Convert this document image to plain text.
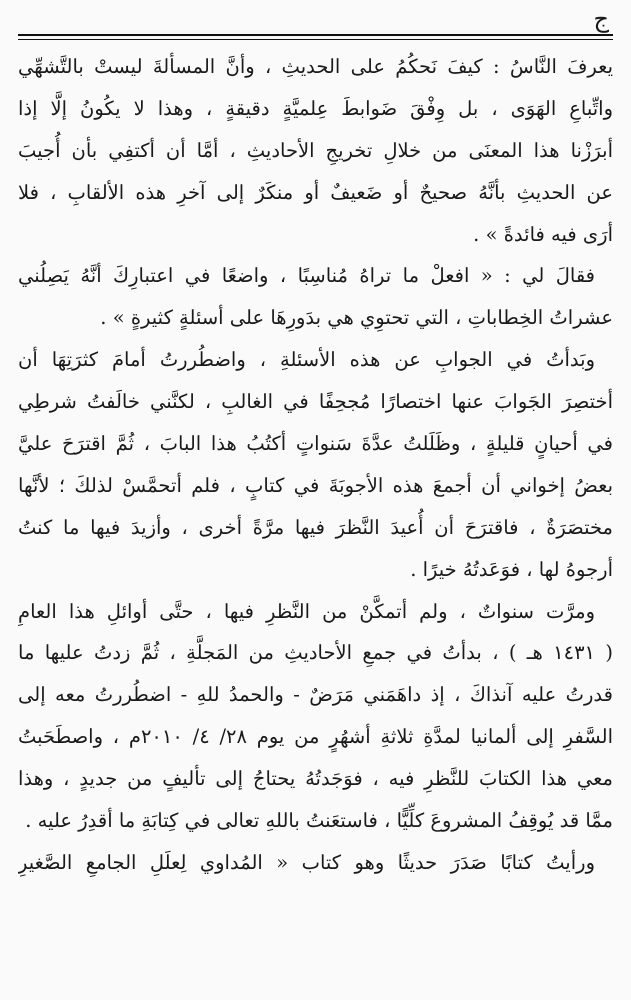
ج
يعرفَ النَّاسُ : كيفَ نَحكُمُ على الحديثِ ، وأنَّ المسألةَ ليستْ بالتَّشهِّي
واتِّباعِ الهَوَى ، بل وِفْقَ ضَوابطَ عِلميَّةٍ دقيقةٍ ، وهذا لا يكُونُ إلَّا إذا
أبرَزْنا هذا المعنَى من خلالِ تخريجِ الأحاديثِ ، أمَّا أن أكتفِي بأن أُجيبَ
عن الحديثِ بأنَّهُ صحيحٌ أو ضَعيفٌ أو منكَرٌ إلى آخرِ هذه الألقابِ ، فلا
أرَى فيه فائدةً » .
فقالَ لي : « افعلْ ما تراهُ مُناسِبًا ، واضعًا في اعتبارِكَ أنَّهُ يَصِلُني
عشراتُ الخِطاباتِ ، التي تحتوِي هي بدَورِهَا على أسئلةٍ كثيرةٍ » .
وبَدأتُ في الجوابِ عن هذه الأسئلةِ ، واضطُررتُ أمامَ كثرَتِهَا أن
أختصِرَ الجَوابَ عنها اختصارًا مُجحِفًا في الغالبِ ، لكنَّني خالَفتُ شرطِي
في أحيانٍ قليلةٍ ، وظَلَلتُ عدَّةَ سَنواتٍ أكتُبُ هذا البابَ ، ثُمَّ اقترَحَ عليَّ
بعضُ إخواني أن أجمعَ هذه الأجوبَةَ في كتابٍ ، فلم أتحمَّسْ لذلكَ ؛ لأنَّها
مختصَرَةٌ ، فاقترَحَ أن أُعيدَ النَّظرَ فيها مرَّةً أخرى ، وأزيدَ فيها ما كنتُ
أرجوهُ لها ، فوَعَدتُهُ خيرًا .
ومرَّت سنواتٌ ، ولم أتمكَّنْ من النَّظرِ فيها ، حتَّى أوائلِ هذا العامِ
( ١٤٣١ هـ ) ، بدأتُ في جمعِ الأحاديثِ من المَجلَّةِ ، ثُمَّ زدتُ عليها ما
قدرتُ عليه آنذاكَ ، إذ داهَمَني مَرَضٌ - والحمدُ للهِ - اضطُررتُ معه إلى
السَّفرِ إلى ألمانيا لمدَّةِ ثلاثةِ أشهُرٍ من يوم ٢٨/ ٤/ ٢٠١٠م ، واصطَحَبتُ
معي هذا الكتابَ للنَّظرِ فيه ، فوَجَدتُهُ يحتاجُ إلى تأليفٍ من جديدٍ ، وهذا
ممَّا قد يُوقِفُ المشروعَ كلِّيًّا ، فاستعَنتُ باللهِ تعالى في كِتابَةِ ما أقدِرُ عليه .
ورأيتُ كتابًا صَدَرَ حديثًا وهو كتاب « المُداوي لِعلَلِ الجامعِ الصَّغيرِ
